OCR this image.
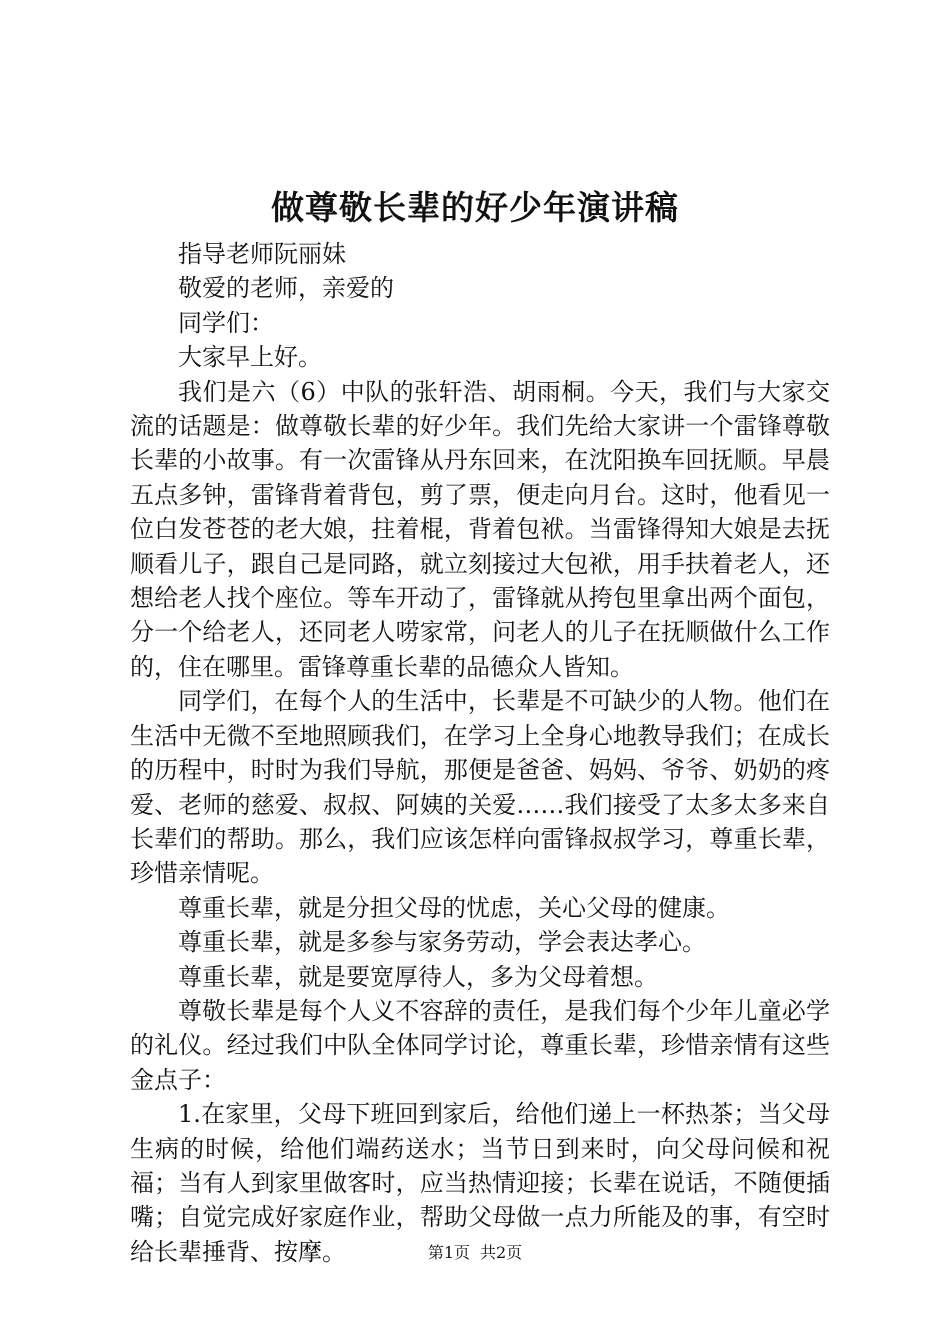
做尊敬长辈的好少年演讲稿

指导老师阮丽妹

敬爱的老师，亲爱的

同学们：

大家早上好。

我们是六（6）中队的张轩浩、胡雨桐。今天，我们与大家交流的话题是：做尊敬长辈的好少年。我们先给大家讲一个雷锋尊敬长辈的小故事。有一次雷锋从丹东回来，在沈阳换车回抚顺。早晨五点多钟，雷锋背着背包，剪了票，便走向月台。这时，他看见一位白发苍苍的老大娘，拄着棍，背着包袱。当雷锋得知大娘是去抚顺看儿子，跟自己是同路，就立刻接过大包袱，用手扶着老人，还想给老人找个座位。等车开动了，雷锋就从挎包里拿出两个面包，分一个给老人，还同老人唠家常，问老人的儿子在抚顺做什么工作的，住在哪里。雷锋尊重长辈的品德众人皆知。

同学们，在每个人的生活中，长辈是不可缺少的人物。他们在生活中无微不至地照顾我们，在学习上全身心地教导我们；在成长的历程中，时时为我们导航，那便是爸爸、妈妈、爷爷、奶奶的疼爱、老师的慈爱、叔叔、阿姨的关爱……我们接受了太多太多来自长辈们的帮助。那么，我们应该怎样向雷锋叔叔学习，尊重长辈，珍惜亲情呢。

尊重长辈，就是分担父母的忧虑，关心父母的健康。

尊重长辈，就是多参与家务劳动，学会表达孝心。

尊重长辈，就是要宽厚待人，多为父母着想。

尊敬长辈是每个人义不容辞的责任，是我们每个少年儿童必学的礼仪。经过我们中队全体同学讨论，尊重长辈，珍惜亲情有这些金点子：

1.在家里，父母下班回到家后，给他们递上一杯热茶；当父母生病的时候，给他们端药送水；当节日到来时，向父母问候和祝福；当有人到家里做客时，应当热情迎接；长辈在说话，不随便插嘴；自觉完成好家庭作业，帮助父母做一点力所能及的事，有空时给长辈捶背、按摩。	第1页 共2页
